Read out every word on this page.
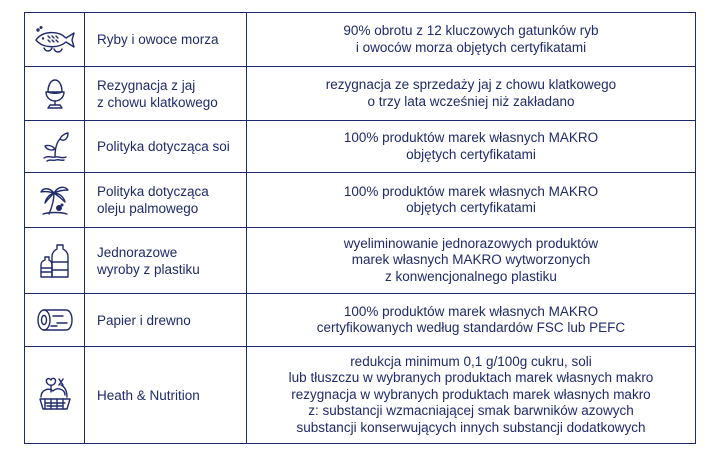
Ryby i owoce morza
90% obrotu z 12 kluczowych gatunków ryb
i owoców morza objętych certyfikatami
Rezygnacja z jaj
z chowu klatkowego
rezygnacja ze sprzedaży jaj z chowu klatkowego
o trzy lata wcześniej niż zakładano
Polityka dotycząca soi
100% produktów marek własnych MAKRO
objętych certyfikatami
Polityka dotycząca
oleju palmowego
100% produktów marek własnych MAKRO
objętych certyfikatami
Jednorazowe
wyroby z plastiku
wyeliminowanie jednorazowych produktów
marek własnych MAKRO wytworzonych
z konwencjonalnego plastiku
Papier i drewno
100% produktów marek własnych MAKRO
certyfikowanych według standardów FSC lub PEFC
Heath & Nutrition
redukcja minimum 0,1 g/100g cukru, soli
lub tłuszczu w wybranych produktach marek własnych makro
rezygnacja w wybranych produktach marek własnych makro
z: substancji wzmacniającej smak barwników azowych
substancji konserwujących innych substancji dodatkowych
